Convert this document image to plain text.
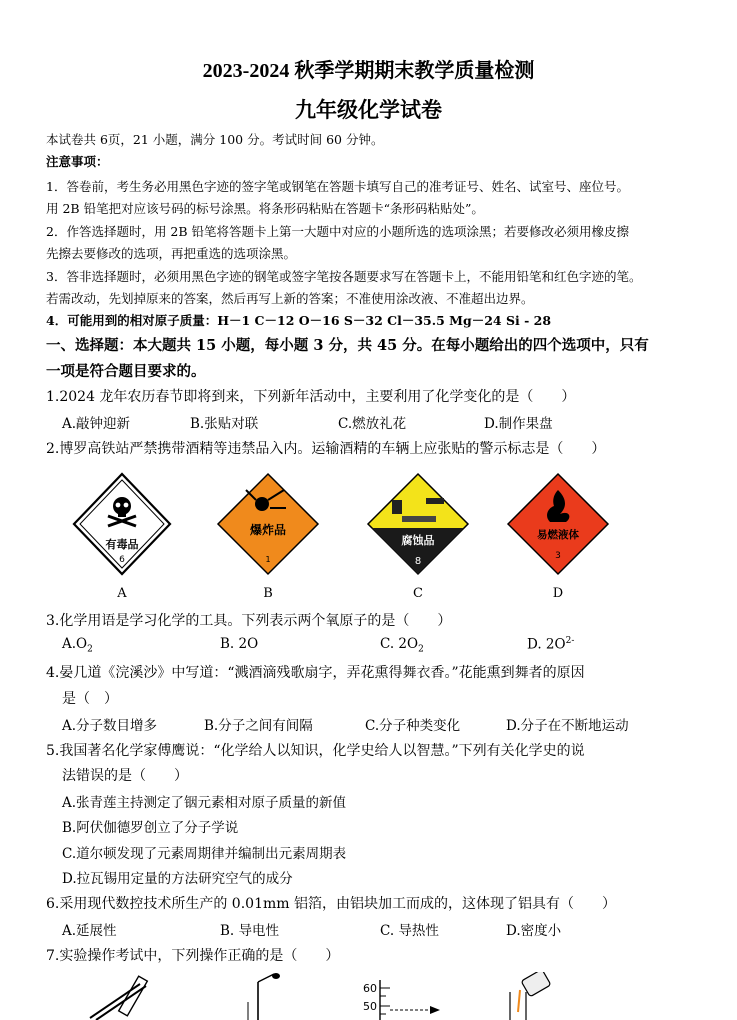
2023-2024 秋季学期期末教学质量检测
九年级化学试卷
本试卷共 6页，21 小题，满分 100 分。考试时间 60 分钟。
注意事项：
1．答卷前，考生务必用黑色字迹的签字笔或钢笔在答题卡填写自己的准考证号、姓名、试室号、座位号。
用 2B 铅笔把对应该号码的标号涂黑。将条形码粘贴在答题卡“条形码粘贴处”。
2．作答选择题时，用 2B 铅笔将答题卡上第一大题中对应的小题所选的选项涂黑；若要修改必须用橡皮擦
先擦去要修改的选项，再把重选的选项涂黑。
3．答非选择题时，必须用黑色字迹的钢笔或签字笔按各题要求写在答题卡上，不能用铅笔和红色字迹的笔。
若需改动，先划掉原来的答案，然后再写上新的答案；不准使用涂改液、不准超出边界。
4．可能用到的相对原子质量：H－1 C－12 O－16 S－32 Cl－35.5 Mg－24 Si - 28
一、选择题：本大题共 15 小题，每小题 3 分，共 45 分。在每小题给出的四个选项中，只有
一项是符合题目要求的。
1.2024 龙年农历春节即将到来，下列新年活动中，主要利用了化学变化的是（　　）
A.敲钟迎新	B.张贴对联	C.燃放礼花	D.制作果盘
2.博罗高铁站严禁携带酒精等违禁品入内。运输酒精的车辆上应张贴的警示标志是（　　）
有毒品
6
爆炸品
1
腐蚀品
8
易燃液体
3
A	B	C	D
3.化学用语是学习化学的工具。下列表示两个氧原子的是（　　）
$A.O_2$	B. 2O	C. $2O_2$	D. $2O^{2-}$
4.晏几道《浣溪沙》中写道：“溅酒滴残歌扇字，弄花熏得舞衣香。”花能熏到舞者的原因
是（　）
A.分子数目增多	B.分子之间有间隔	C.分子种类变化	D.分子在不断地运动
5.我国著名化学家傅鹰说：“化学给人以知识，化学史给人以智慧。”下列有关化学史的说
法错误的是（　　）
A.张青莲主持测定了铟元素相对原子质量的新值
B.阿伏伽德罗创立了分子学说
C.道尔顿发现了元素周期律并编制出元素周期表
D.拉瓦锡用定量的方法研究空气的成分
6.采用现代数控技术所生产的 0.01mm 铝箔，由铝块加工而成的，这体现了铝具有（　　）
A.延展性	B. 导电性	C. 导热性	D.密度小
7.实验操作考试中，下列操作正确的是（　　）
60
50
